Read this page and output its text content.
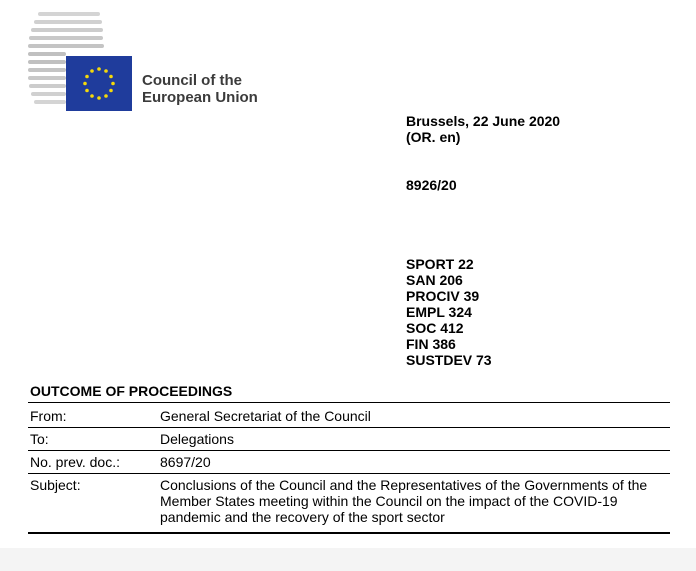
Council of the
European Union
Brussels, 22 June 2020
(OR. en)
8926/20
SPORT 22
SAN 206
PROCIV 39
EMPL 324
SOC 412
FIN 386
SUSTDEV 73
OUTCOME OF PROCEEDINGS
From:	General Secretariat of the Council
To:	Delegations
No. prev. doc.:	8697/20
Subject:	Conclusions of the Council and the Representatives of the Governments of the Member States meeting within the Council on the impact of the COVID-19 pandemic and the recovery of the sport sector
